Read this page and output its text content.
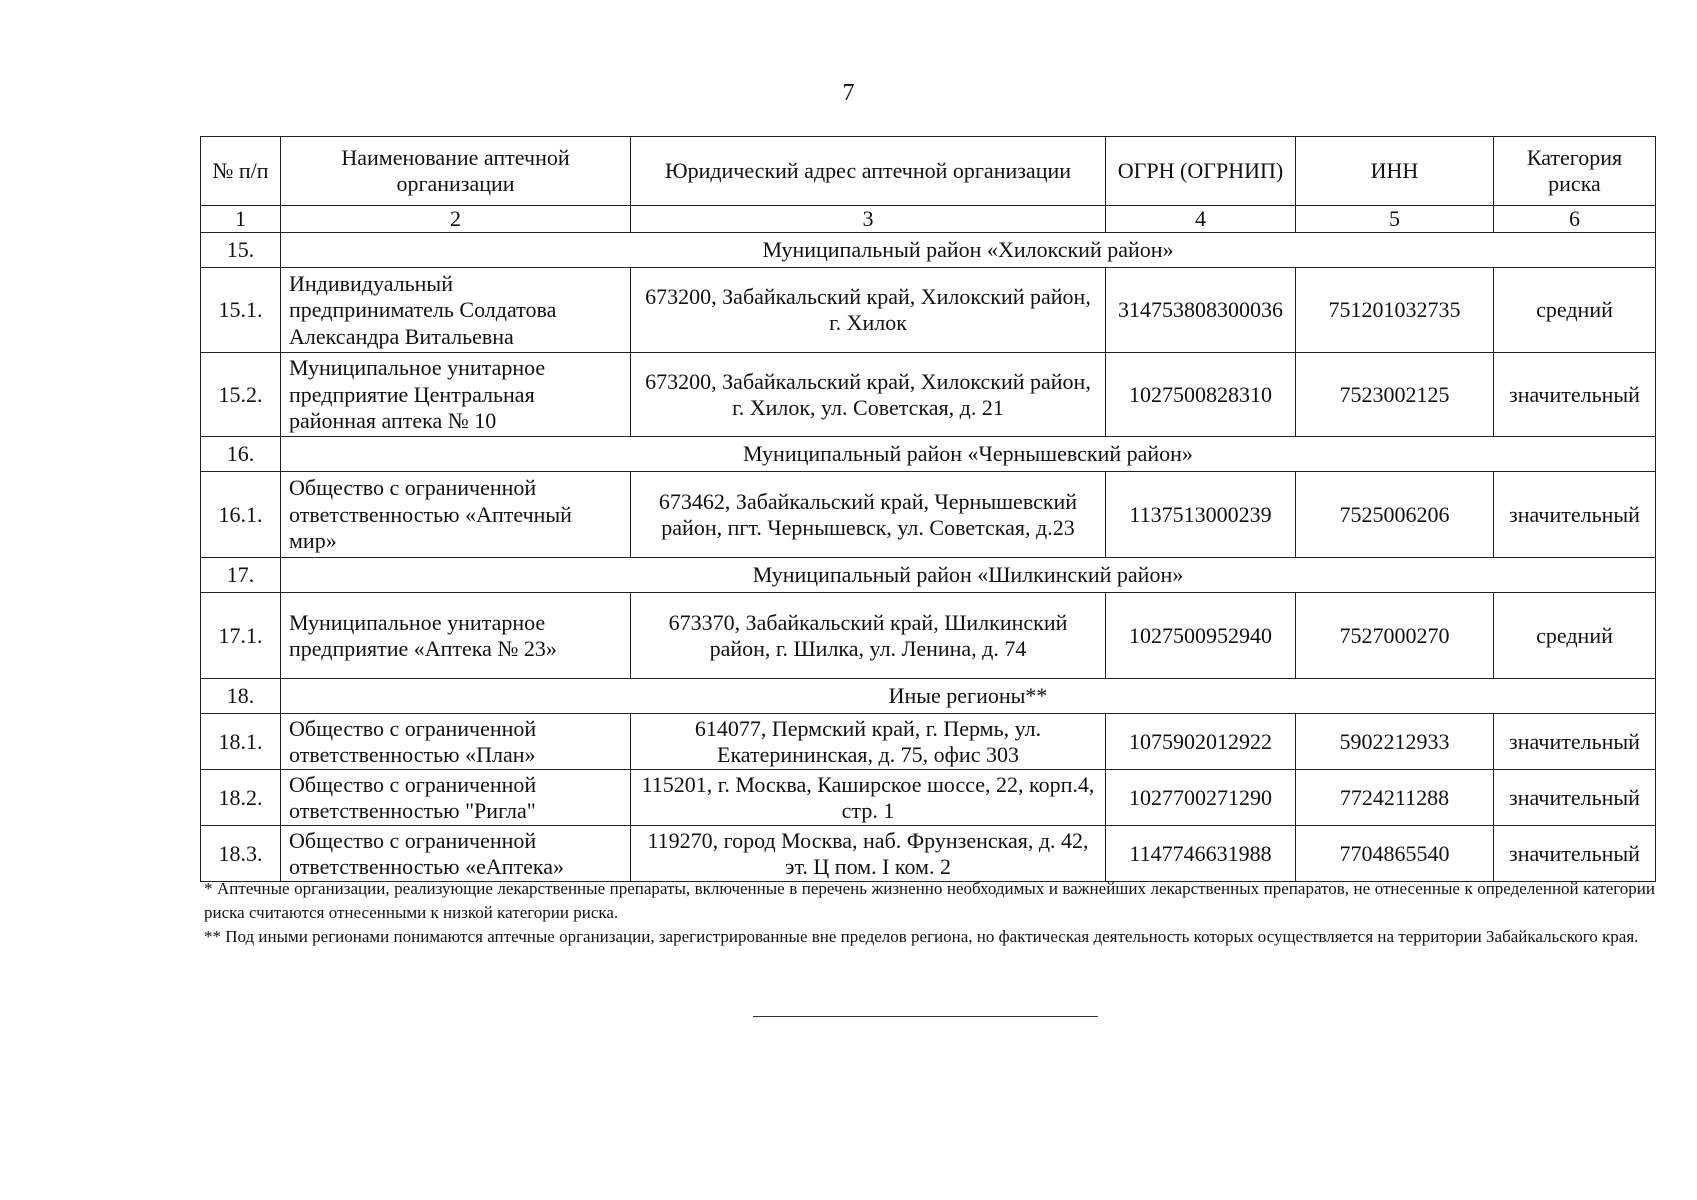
7
№ п/п	Наименование аптечной организации	Юридический адрес аптечной организации	ОГРН (ОГРНИП)	ИНН	Категория риска
1	2	3	4	5	6
15.	Муниципальный район «Хилокский район»				
15.1.	Индивидуальный предприниматель Солдатова Александра Витальевна	673200, Забайкальский край, Хилокский район, г. Хилок	314753808300036	751201032735	средний
15.2.	Муниципальное унитарное предприятие Центральная районная аптека № 10	673200, Забайкальский край, Хилокский район, г. Хилок, ул. Советская, д. 21	1027500828310	7523002125	значительный
16.	Муниципальный район «Чернышевский район»				
16.1.	Общество с ограниченной ответственностью «Аптечный мир»	673462, Забайкальский край, Чернышевский район, пгт. Чернышевск, ул. Советская, д.23	1137513000239	7525006206	значительный
17.	Муниципальный район «Шилкинский район»				
17.1.	Муниципальное унитарное предприятие «Аптека № 23»	673370, Забайкальский край, Шилкинский район, г. Шилка, ул. Ленина, д. 74	1027500952940	7527000270	средний
18.	Иные регионы**				
18.1.	Общество с ограниченной ответственностью «План»	614077, Пермский край, г. Пермь, ул. Екатерининская, д. 75, офис 303	1075902012922	5902212933	значительный
18.2.	Общество с ограниченной ответственностью "Ригла"	115201, г. Москва, Каширское шоссе, 22, корп.4, стр. 1	1027700271290	7724211288	значительный
18.3.	Общество с ограниченной ответственностью «еАптека»	119270, город Москва, наб. Фрунзенская, д. 42, эт. Ц пом. I ком. 2	1147746631988	7704865540	значительный

* Аптечные организации, реализующие лекарственные препараты, включенные в перечень жизненно необходимых и важнейших лекарственных препаратов, не отнесенные к определенной категории риска считаются отнесенными к низкой категории риска.

** Под иными регионами понимаются аптечные организации, зарегистрированные вне пределов региона, но фактическая деятельность которых осуществляется на территории Забайкальского края.
